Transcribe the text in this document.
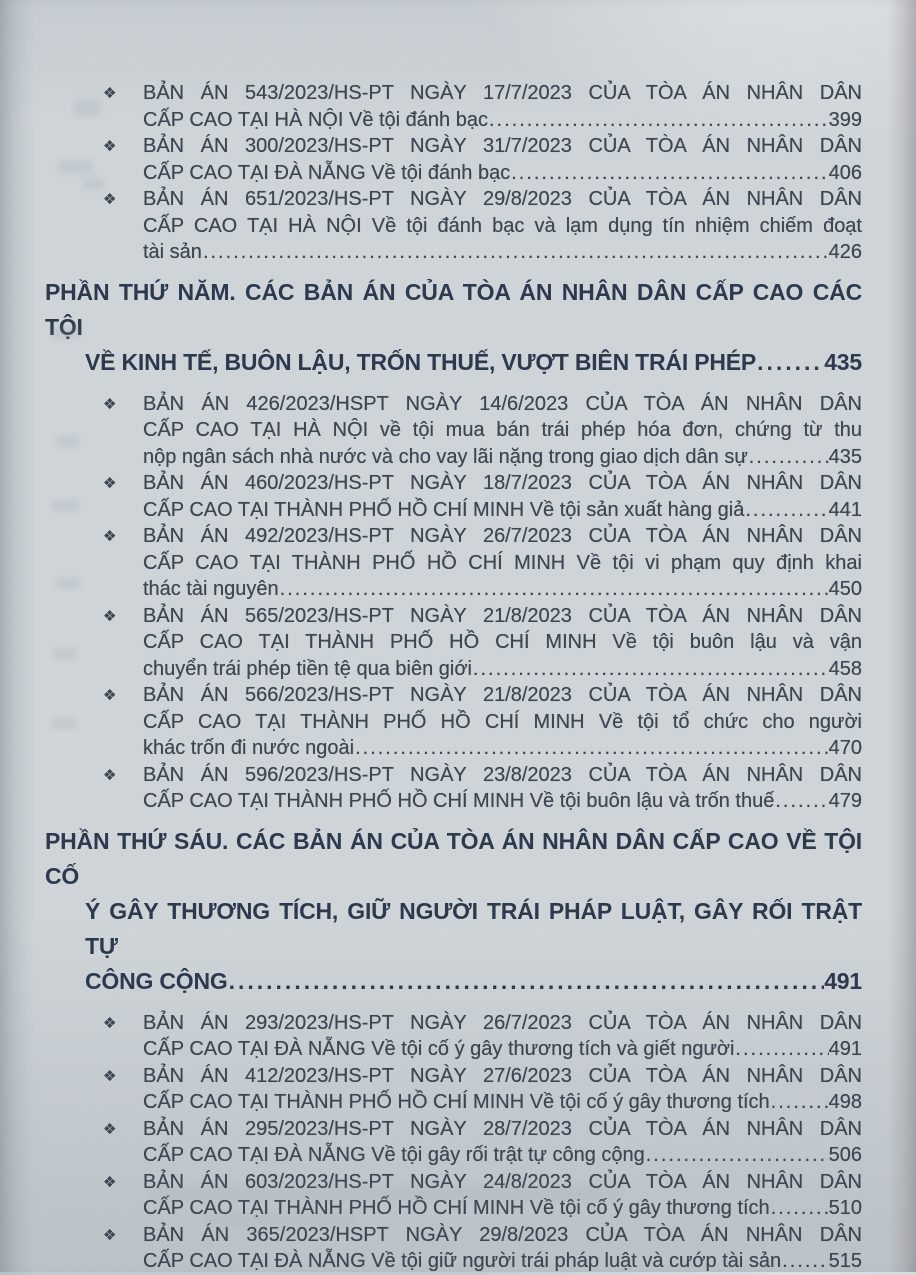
❖ BẢN ÁN 543/2023/HS-PT NGÀY 17/7/2023 CỦA TÒA ÁN NHÂN DÂN
CẤP CAO TẠI HÀ NỘI Về tội đánh bạc .....	399
❖ BẢN ÁN 300/2023/HS-PT NGÀY 31/7/2023 CỦA TÒA ÁN NHÂN DÂN
CẤP CAO TẠI ĐÀ NẴNG Về tội đánh bạc .....	406
❖ BẢN ÁN 651/2023/HS-PT NGÀY 29/8/2023 CỦA TÒA ÁN NHÂN DÂN
CẤP CAO TẠI HÀ NỘI Về tội đánh bạc và lạm dụng tín nhiệm chiếm đoạt
tài sản .....	426
PHẦN THỨ NĂM. CÁC BẢN ÁN CỦA TÒA ÁN NHÂN DÂN CẤP CAO CÁC TỘI
VỀ KINH TẾ, BUÔN LẬU, TRỐN THUẾ, VƯỢT BIÊN TRÁI PHÉP .....	435
❖ BẢN ÁN 426/2023/HSPT NGÀY 14/6/2023 CỦA TÒA ÁN NHÂN DÂN
CẤP CAO TẠI HÀ NỘI về tội mua bán trái phép hóa đơn, chứng từ thu
nộp ngân sách nhà nước và cho vay lãi nặng trong giao dịch dân sự .....	435
❖ BẢN ÁN 460/2023/HS-PT NGÀY 18/7/2023 CỦA TÒA ÁN NHÂN DÂN
CẤP CAO TẠI THÀNH PHỐ HỒ CHÍ MINH Về tội sản xuất hàng giả .....	441
❖ BẢN ÁN 492/2023/HS-PT NGÀY 26/7/2023 CỦA TÒA ÁN NHÂN DÂN
CẤP CAO TẠI THÀNH PHỐ HỒ CHÍ MINH Về tội vi phạm quy định khai
thác tài nguyên .....	450
❖ BẢN ÁN 565/2023/HS-PT NGÀY 21/8/2023 CỦA TÒA ÁN NHÂN DÂN
CẤP CAO TẠI THÀNH PHỐ HỒ CHÍ MINH Về tội buôn lậu và vận
chuyển trái phép tiền tệ qua biên giới .....	458
❖ BẢN ÁN 566/2023/HS-PT NGÀY 21/8/2023 CỦA TÒA ÁN NHÂN DÂN
CẤP CAO TẠI THÀNH PHỐ HỒ CHÍ MINH Về tội tổ chức cho người
khác trốn đi nước ngoài .....	470
❖ BẢN ÁN 596/2023/HS-PT NGÀY 23/8/2023 CỦA TÒA ÁN NHÂN DÂN
CẤP CAO TẠI THÀNH PHỐ HỒ CHÍ MINH Về tội buôn lậu và trốn thuế .....	479
PHẦN THỨ SÁU. CÁC BẢN ÁN CỦA TÒA ÁN NHÂN DÂN CẤP CAO VỀ TỘI CỐ
Ý GÂY THƯƠNG TÍCH, GIỮ NGƯỜI TRÁI PHÁP LUẬT, GÂY RỐI TRẬT TỰ
CÔNG CỘNG .....	491
❖ BẢN ÁN 293/2023/HS-PT NGÀY 26/7/2023 CỦA TÒA ÁN NHÂN DÂN
CẤP CAO TẠI ĐÀ NẴNG Về tội cố ý gây thương tích và giết người .....	491
❖ BẢN ÁN 412/2023/HS-PT NGÀY 27/6/2023 CỦA TÒA ÁN NHÂN DÂN
CẤP CAO TẠI THÀNH PHỐ HỒ CHÍ MINH Về tội cố ý gây thương tích .....	498
❖ BẢN ÁN 295/2023/HS-PT NGÀY 28/7/2023 CỦA TÒA ÁN NHÂN DÂN
CẤP CAO TẠI ĐÀ NẴNG Về tội gây rối trật tự công cộng .....	506
❖ BẢN ÁN 603/2023/HS-PT NGÀY 24/8/2023 CỦA TÒA ÁN NHÂN DÂN
CẤP CAO TẠI THÀNH PHỐ HỒ CHÍ MINH Về tội cố ý gây thương tích .....	510
❖ BẢN ÁN 365/2023/HSPT NGÀY 29/8/2023 CỦA TÒA ÁN NHÂN DÂN
CẤP CAO TẠI ĐÀ NẴNG Về tội giữ người trái pháp luật và cướp tài sản ..... 515
